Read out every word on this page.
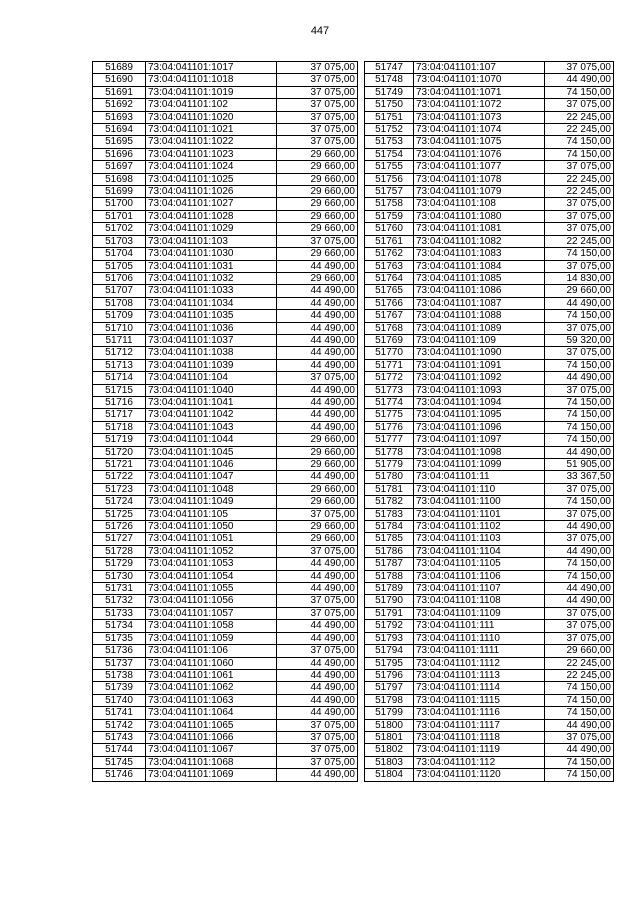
447
51689	73:04:041101:1017	37 075,00
51690	73:04:041101:1018	37 075,00
51691	73:04:041101:1019	37 075,00
51692	73:04:041101:102	37 075,00
51693	73:04:041101:1020	37 075,00
51694	73:04:041101:1021	37 075,00
51695	73:04:041101:1022	37 075,00
51696	73:04:041101:1023	29 660,00
51697	73:04:041101:1024	29 660,00
51698	73:04:041101:1025	29 660,00
51699	73:04:041101:1026	29 660,00
51700	73:04:041101:1027	29 660,00
51701	73:04:041101:1028	29 660,00
51702	73:04:041101:1029	29 660,00
51703	73:04:041101:103	37 075,00
51704	73:04:041101:1030	29 660,00
51705	73:04:041101:1031	44 490,00
51706	73:04:041101:1032	29 660,00
51707	73:04:041101:1033	44 490,00
51708	73:04:041101:1034	44 490,00
51709	73:04:041101:1035	44 490,00
51710	73:04:041101:1036	44 490,00
51711	73:04:041101:1037	44 490,00
51712	73:04:041101:1038	44 490,00
51713	73:04:041101:1039	44 490,00
51714	73:04:041101:104	37 075,00
51715	73:04:041101:1040	44 490,00
51716	73:04:041101:1041	44 490,00
51717	73:04:041101:1042	44 490,00
51718	73:04:041101:1043	44 490,00
51719	73:04:041101:1044	29 660,00
51720	73:04:041101:1045	29 660,00
51721	73:04:041101:1046	29 660,00
51722	73:04:041101:1047	44 490,00
51723	73:04:041101:1048	29 660,00
51724	73:04:041101:1049	29 660,00
51725	73:04:041101:105	37 075,00
51726	73:04:041101:1050	29 660,00
51727	73:04:041101:1051	29 660,00
51728	73:04:041101:1052	37 075,00
51729	73:04:041101:1053	44 490,00
51730	73:04:041101:1054	44 490,00
51731	73:04:041101:1055	44 490,00
51732	73:04:041101:1056	37 075,00
51733	73:04:041101:1057	37 075,00
51734	73:04:041101:1058	44 490,00
51735	73:04:041101:1059	44 490,00
51736	73:04:041101:106	37 075,00
51737	73:04:041101:1060	44 490,00
51738	73:04:041101:1061	44 490,00
51739	73:04:041101:1062	44 490,00
51740	73:04:041101:1063	44 490,00
51741	73:04:041101:1064	44 490,00
51742	73:04:041101:1065	37 075,00
51743	73:04:041101:1066	37 075,00
51744	73:04:041101:1067	37 075,00
51745	73:04:041101:1068	37 075,00
51746	73:04:041101:1069	44 490,00
51747	73:04:041101:107	37 075,00
51748	73:04:041101:1070	44 490,00
51749	73:04:041101:1071	74 150,00
51750	73:04:041101:1072	37 075,00
51751	73:04:041101:1073	22 245,00
51752	73:04:041101:1074	22 245,00
51753	73:04:041101:1075	74 150,00
51754	73:04:041101:1076	74 150,00
51755	73:04:041101:1077	37 075,00
51756	73:04:041101:1078	22 245,00
51757	73:04:041101:1079	22 245,00
51758	73:04:041101:108	37 075,00
51759	73:04:041101:1080	37 075,00
51760	73:04:041101:1081	37 075,00
51761	73:04:041101:1082	22 245,00
51762	73:04:041101:1083	74 150,00
51763	73:04:041101:1084	37 075,00
51764	73:04:041101:1085	14 830,00
51765	73:04:041101:1086	29 660,00
51766	73:04:041101:1087	44 490,00
51767	73:04:041101:1088	74 150,00
51768	73:04:041101:1089	37 075,00
51769	73:04:041101:109	59 320,00
51770	73:04:041101:1090	37 075,00
51771	73:04:041101:1091	74 150,00
51772	73:04:041101:1092	44 490,00
51773	73:04:041101:1093	37 075,00
51774	73:04:041101:1094	74 150,00
51775	73:04:041101:1095	74 150,00
51776	73:04:041101:1096	74 150,00
51777	73:04:041101:1097	74 150,00
51778	73:04:041101:1098	44 490,00
51779	73:04:041101:1099	51 905,00
51780	73:04:041101:11	33 367,50
51781	73:04:041101:110	37 075,00
51782	73:04:041101:1100	74 150,00
51783	73:04:041101:1101	37 075,00
51784	73:04:041101:1102	44 490,00
51785	73:04:041101:1103	37 075,00
51786	73:04:041101:1104	44 490,00
51787	73:04:041101:1105	74 150,00
51788	73:04:041101:1106	74 150,00
51789	73:04:041101:1107	44 490,00
51790	73:04:041101:1108	44 490,00
51791	73:04:041101:1109	37 075,00
51792	73:04:041101:111	37 075,00
51793	73:04:041101:1110	37 075,00
51794	73:04:041101:1111	29 660,00
51795	73:04:041101:1112	22 245,00
51796	73:04:041101:1113	22 245,00
51797	73:04:041101:1114	74 150,00
51798	73:04:041101:1115	74 150,00
51799	73:04:041101:1116	74 150,00
51800	73:04:041101:1117	44 490,00
51801	73:04:041101:1118	37 075,00
51802	73:04:041101:1119	44 490,00
51803	73:04:041101:112	74 150,00
51804	73:04:041101:1120	74 150,00
